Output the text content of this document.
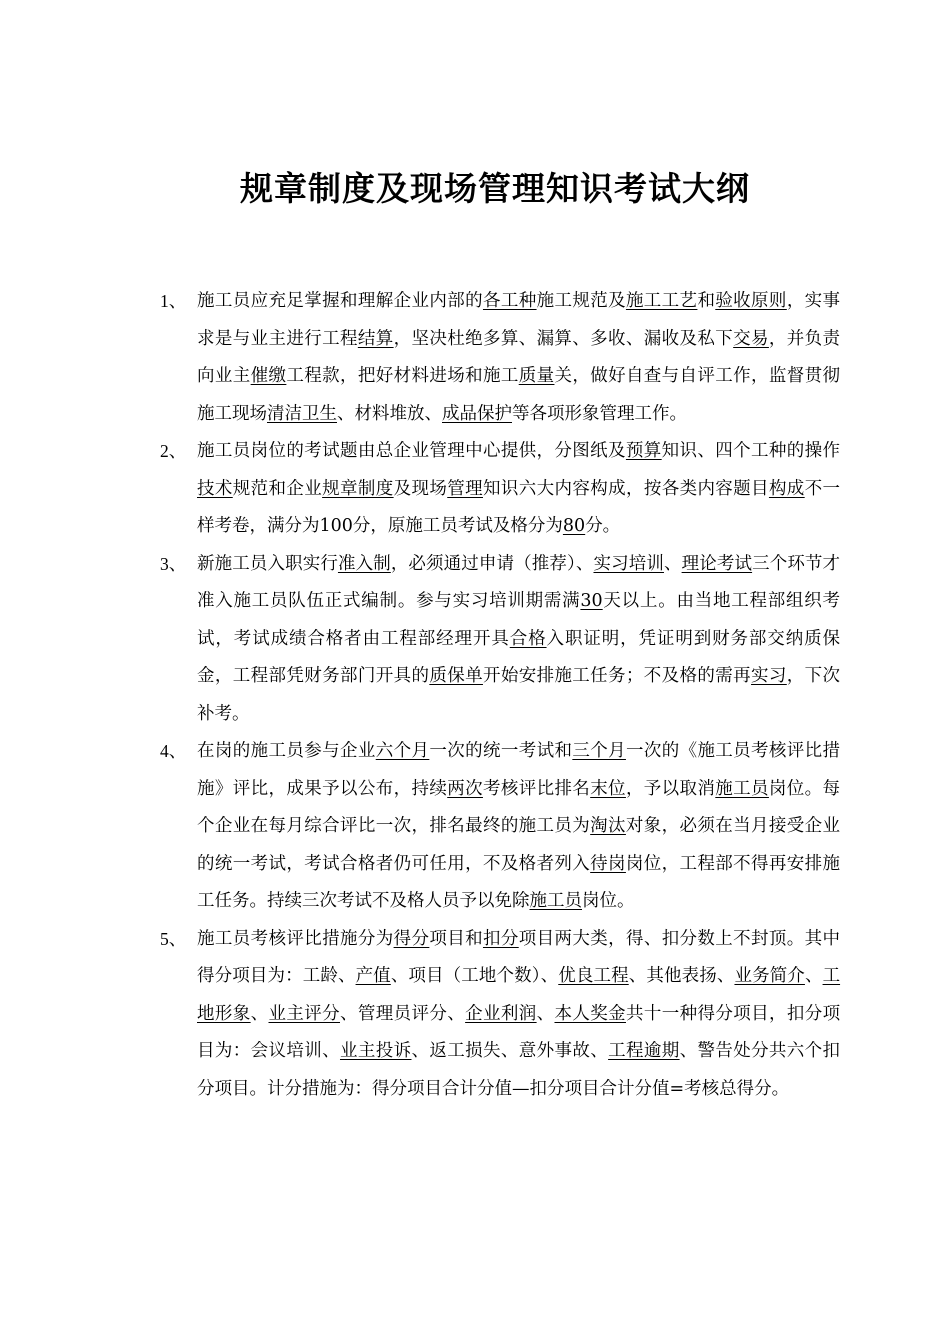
规章制度及现场管理知识考试大纲
1、 施工员应充足掌握和理解企业内部的各工种施工规范及施工工艺和验收原则，实事求是与业主进行工程结算，坚决杜绝多算、漏算、多收、漏收及私下交易，并负责向业主催缴工程款，把好材料进场和施工质量关，做好自查与自评工作，监督贯彻施工现场清洁卫生、材料堆放、成品保护等各项形象管理工作。
2、 施工员岗位的考试题由总企业管理中心提供，分图纸及预算知识、四个工种的操作技术规范和企业规章制度及现场管理知识六大内容构成，按各类内容题目构成不一样考卷，满分为100分，原施工员考试及格分为80分。
3、 新施工员入职实行准入制，必须通过申请（推荐）、实习培训、理论考试三个环节才准入施工员队伍正式编制。参与实习培训期需满30天以上。由当地工程部组织考试，考试成绩合格者由工程部经理开具合格入职证明，凭证明到财务部交纳质保金，工程部凭财务部门开具的质保单开始安排施工任务；不及格的需再实习，下次补考。
4、 在岗的施工员参与企业六个月一次的统一考试和三个月一次的《施工员考核评比措施》评比，成果予以公布，持续两次考核评比排名末位，予以取消施工员岗位。每个企业在每月综合评比一次，排名最终的施工员为淘汰对象，必须在当月接受企业的统一考试，考试合格者仍可任用，不及格者列入待岗岗位，工程部不得再安排施工任务。持续三次考试不及格人员予以免除施工员岗位。
5、 施工员考核评比措施分为得分项目和扣分项目两大类，得、扣分数上不封顶。其中得分项目为：工龄、产值、项目（工地个数）、优良工程、其他表扬、业务简介、工地形象、业主评分、管理员评分、企业利润、本人奖金共十一种得分项目，扣分项目为：会议培训、业主投诉、返工损失、意外事故、工程逾期、警告处分共六个扣分项目。计分措施为：得分项目合计分值—扣分项目合计分值=考核总得分。
